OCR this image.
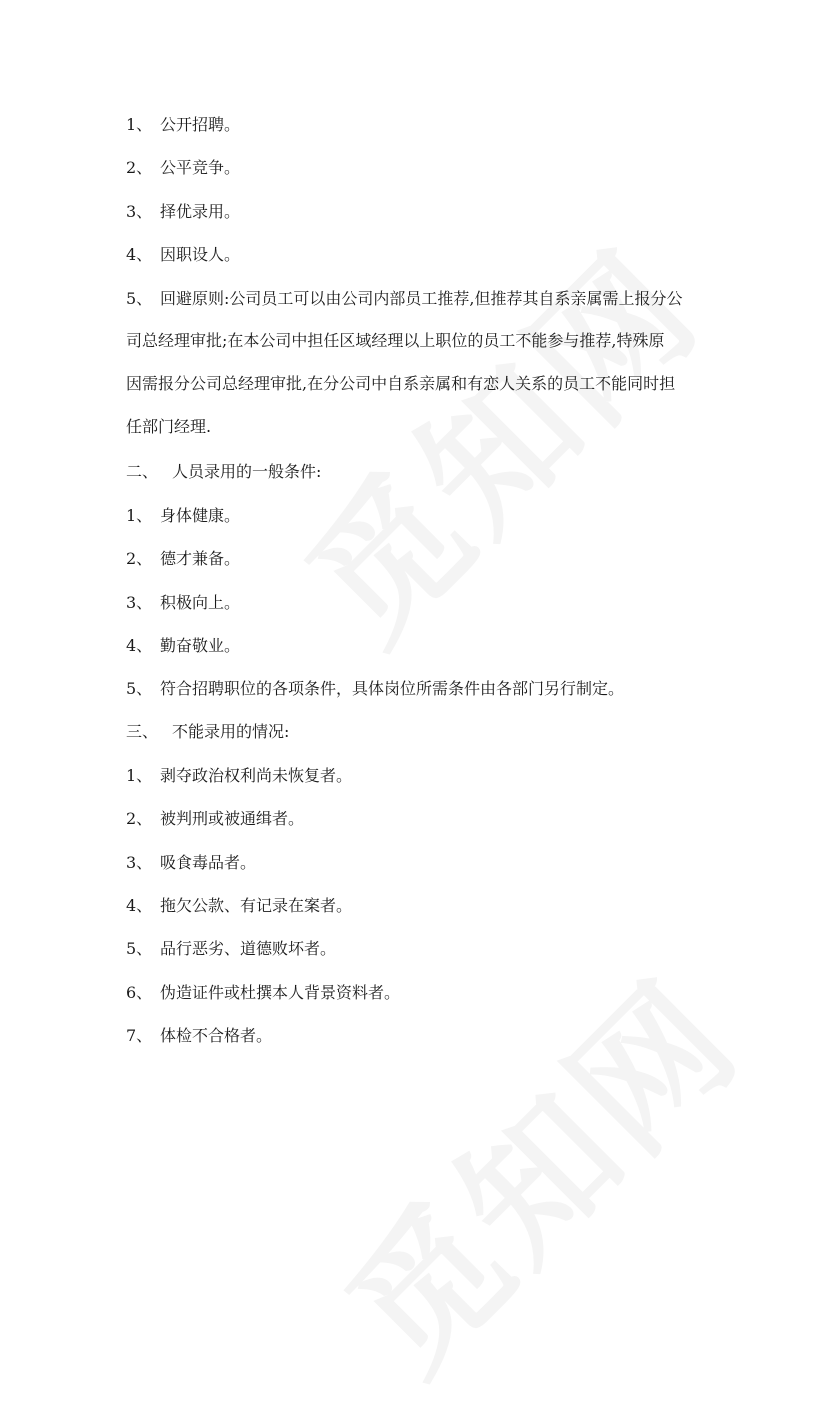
1、 公开招聘。
2、 公平竞争。
3、 择优录用。
4、 因职设人。
5、 回避原则:公司员工可以由公司内部员工推荐,但推荐其自系亲属需上报分公
司总经理审批;在本公司中担任区域经理以上职位的员工不能参与推荐,特殊原
因需报分公司总经理审批,在分公司中自系亲属和有恋人关系的员工不能同时担
任部门经理.
二、 人员录用的一般条件:
1、 身体健康。
2、 德才兼备。
3、 积极向上。
4、 勤奋敬业。
5、 符合招聘职位的各项条件，具体岗位所需条件由各部门另行制定。
三、 不能录用的情况:
1、 剥夺政治权利尚未恢复者。
2、 被判刑或被通缉者。
3、 吸食毒品者。
4、 拖欠公款、有记录在案者。
5、 品行恶劣、道德败坏者。
6、 伪造证件或杜撰本人背景资料者。
7、 体检不合格者。
